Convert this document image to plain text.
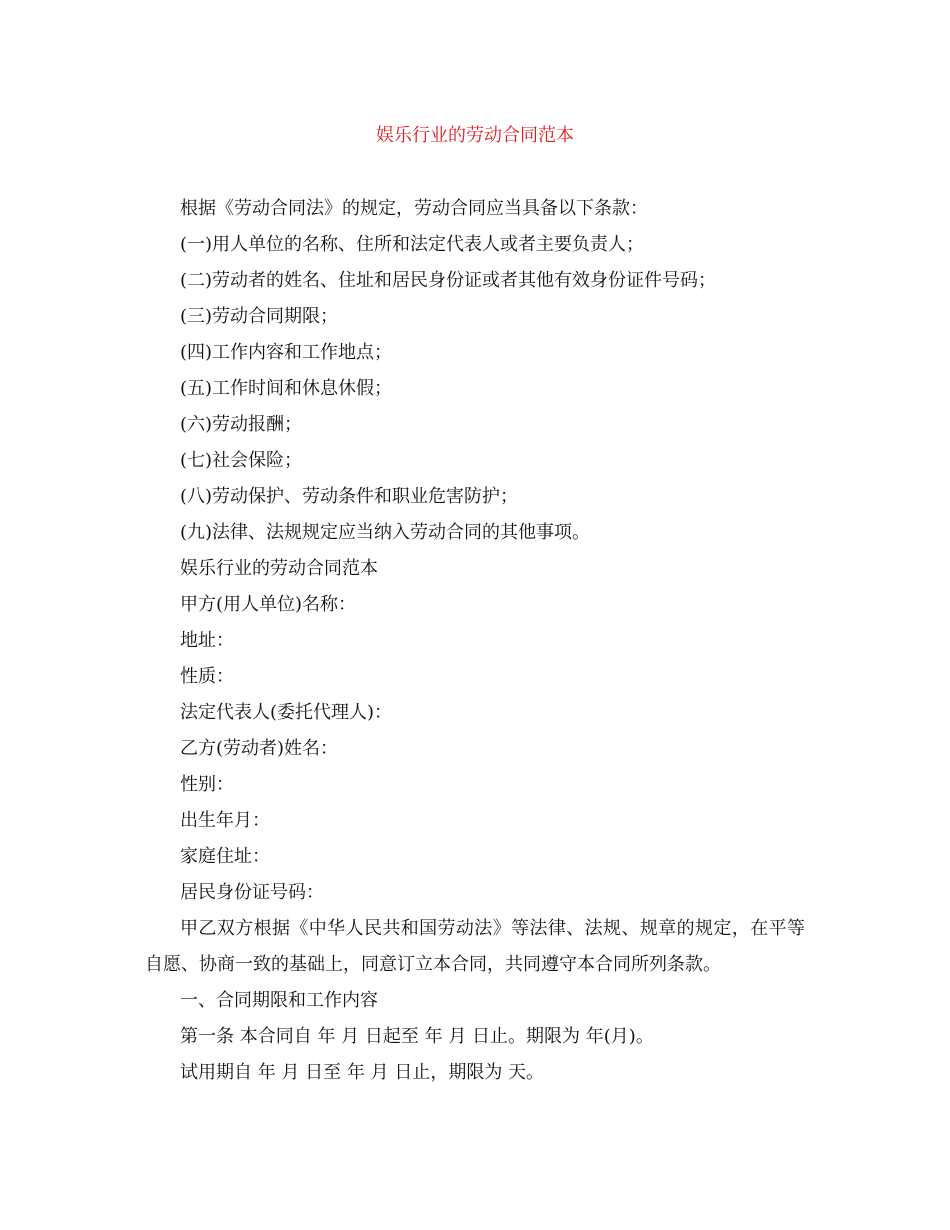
娱乐行业的劳动合同范本

根据《劳动合同法》的规定，劳动合同应当具备以下条款：

(一)用人单位的名称、住所和法定代表人或者主要负责人；

(二)劳动者的姓名、住址和居民身份证或者其他有效身份证件号码；

(三)劳动合同期限；

(四)工作内容和工作地点；

(五)工作时间和休息休假；

(六)劳动报酬；

(七)社会保险；

(八)劳动保护、劳动条件和职业危害防护；

(九)法律、法规规定应当纳入劳动合同的其他事项。

娱乐行业的劳动合同范本

甲方(用人单位)名称：

地址：

性质：

法定代表人(委托代理人)：

乙方(劳动者)姓名：

性别：

出生年月：

家庭住址：

居民身份证号码：

甲乙双方根据《中华人民共和国劳动法》等法律、法规、规章的规定，在平等自愿、协商一致的基础上，同意订立本合同，共同遵守本合同所列条款。

一、合同期限和工作内容

第一条 本合同自 年 月 日起至 年 月 日止。期限为 年(月)。

试用期自 年 月 日至 年 月 日止，期限为 天。
